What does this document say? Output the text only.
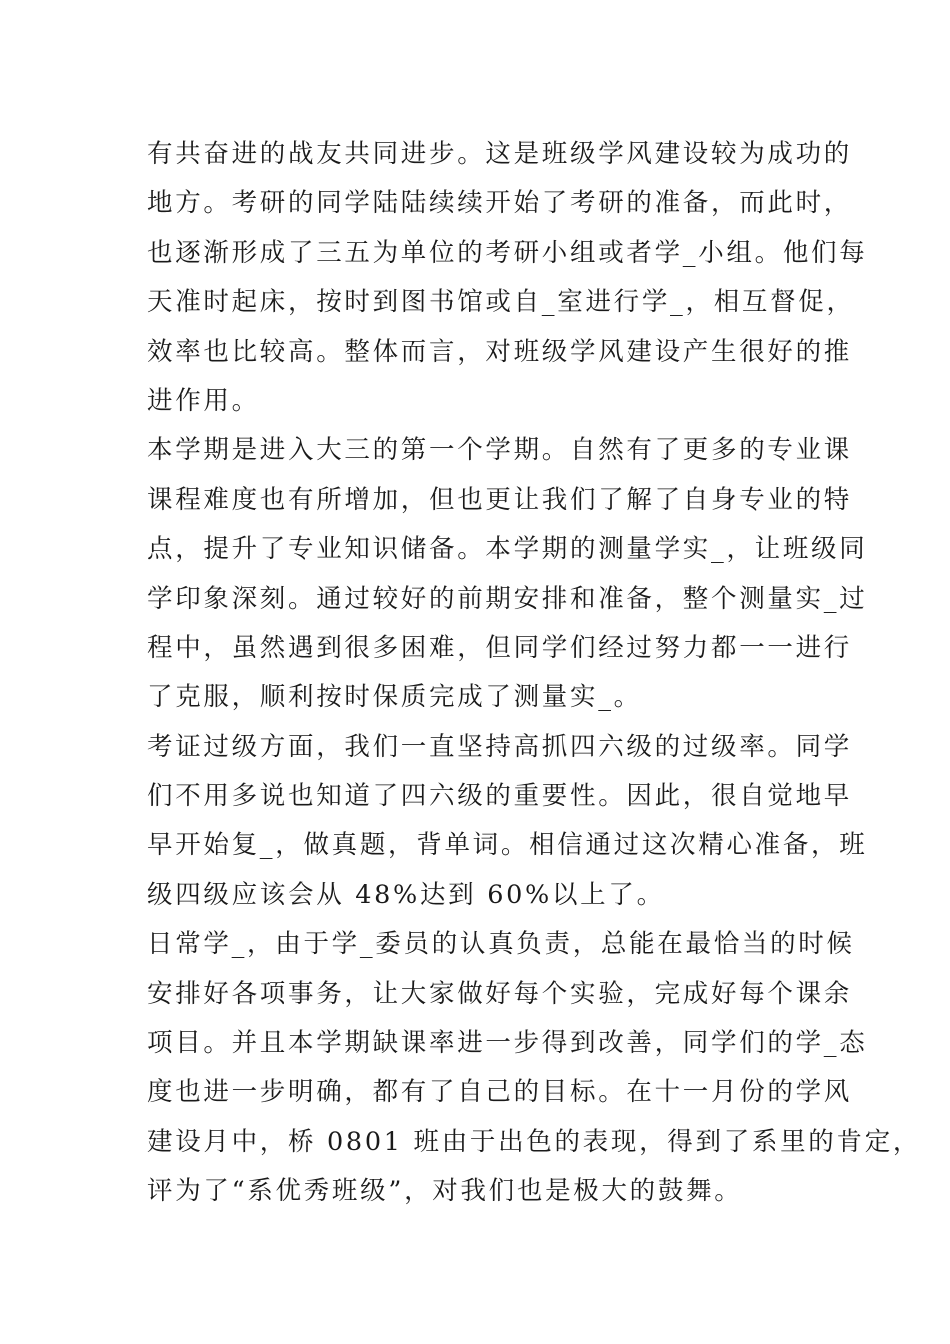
有共奋进的战友共同进步。这是班级学风建设较为成功的
地方。考研的同学陆陆续续开始了考研的准备，而此时，
也逐渐形成了三五为单位的考研小组或者学_小组。他们每
天准时起床，按时到图书馆或自_室进行学_，相互督促，
效率也比较高。整体而言，对班级学风建设产生很好的推
进作用。
本学期是进入大三的第一个学期。自然有了更多的专业课
课程难度也有所增加，但也更让我们了解了自身专业的特
点，提升了专业知识储备。本学期的测量学实_，让班级同
学印象深刻。通过较好的前期安排和准备，整个测量实_过
程中，虽然遇到很多困难，但同学们经过努力都一一进行
了克服，顺利按时保质完成了测量实_。
考证过级方面，我们一直坚持高抓四六级的过级率。同学
们不用多说也知道了四六级的重要性。因此，很自觉地早
早开始复_，做真题，背单词。相信通过这次精心准备，班
级四级应该会从 48%达到 60%以上了。
日常学_，由于学_委员的认真负责，总能在最恰当的时候
安排好各项事务，让大家做好每个实验，完成好每个课余
项目。并且本学期缺课率进一步得到改善，同学们的学_态
度也进一步明确，都有了自己的目标。在十一月份的学风
建设月中，桥 0801 班由于出色的表现，得到了系里的肯定，
评为了“系优秀班级”，对我们也是极大的鼓舞。
